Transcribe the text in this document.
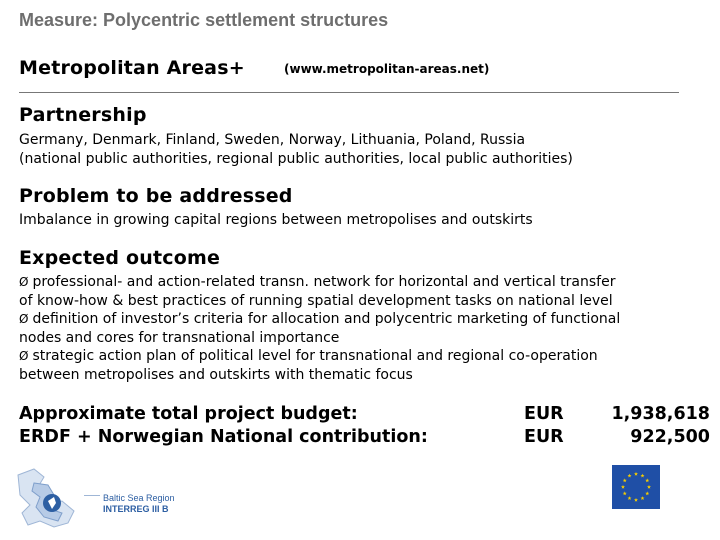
Measure: Polycentric settlement structures
Metropolitan Areas+	(www.metropolitan-areas.net)
Partnership
Germany, Denmark, Finland, Sweden, Norway, Lithuania, Poland, Russia
(national public authorities, regional public authorities, local public authorities)
Problem to be addressed
Imbalance in growing capital regions between metropolises and outskirts
Expected outcome
Ø professional- and action-related transn. network for horizontal and vertical transfer
of know-how & best practices of running spatial development tasks on national level
Ø definition of investor’s criteria for allocation and polycentric marketing of functional
nodes and cores for transnational importance
Ø strategic action plan of political level for transnational and regional co-operation
between metropolises and outskirts with thematic focus
Approximate total project budget:
ERDF + Norwegian National contribution:
EUR
EUR
1,938,618
922,500
Baltic Sea Region
INTERREG III B
